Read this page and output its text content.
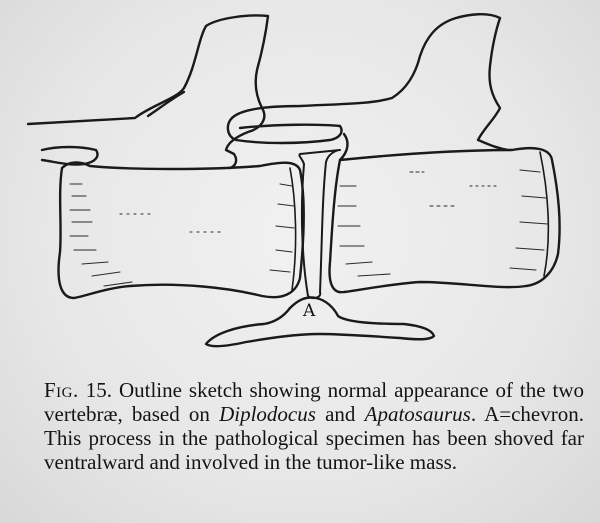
A

Fig. 15. Outline sketch showing normal appearance of the two vertebræ, based on Diplodocus and Apatosaurus. A=chevron. This process in the pathological specimen has been shoved far ventralward and involved in the tumor-like mass.
